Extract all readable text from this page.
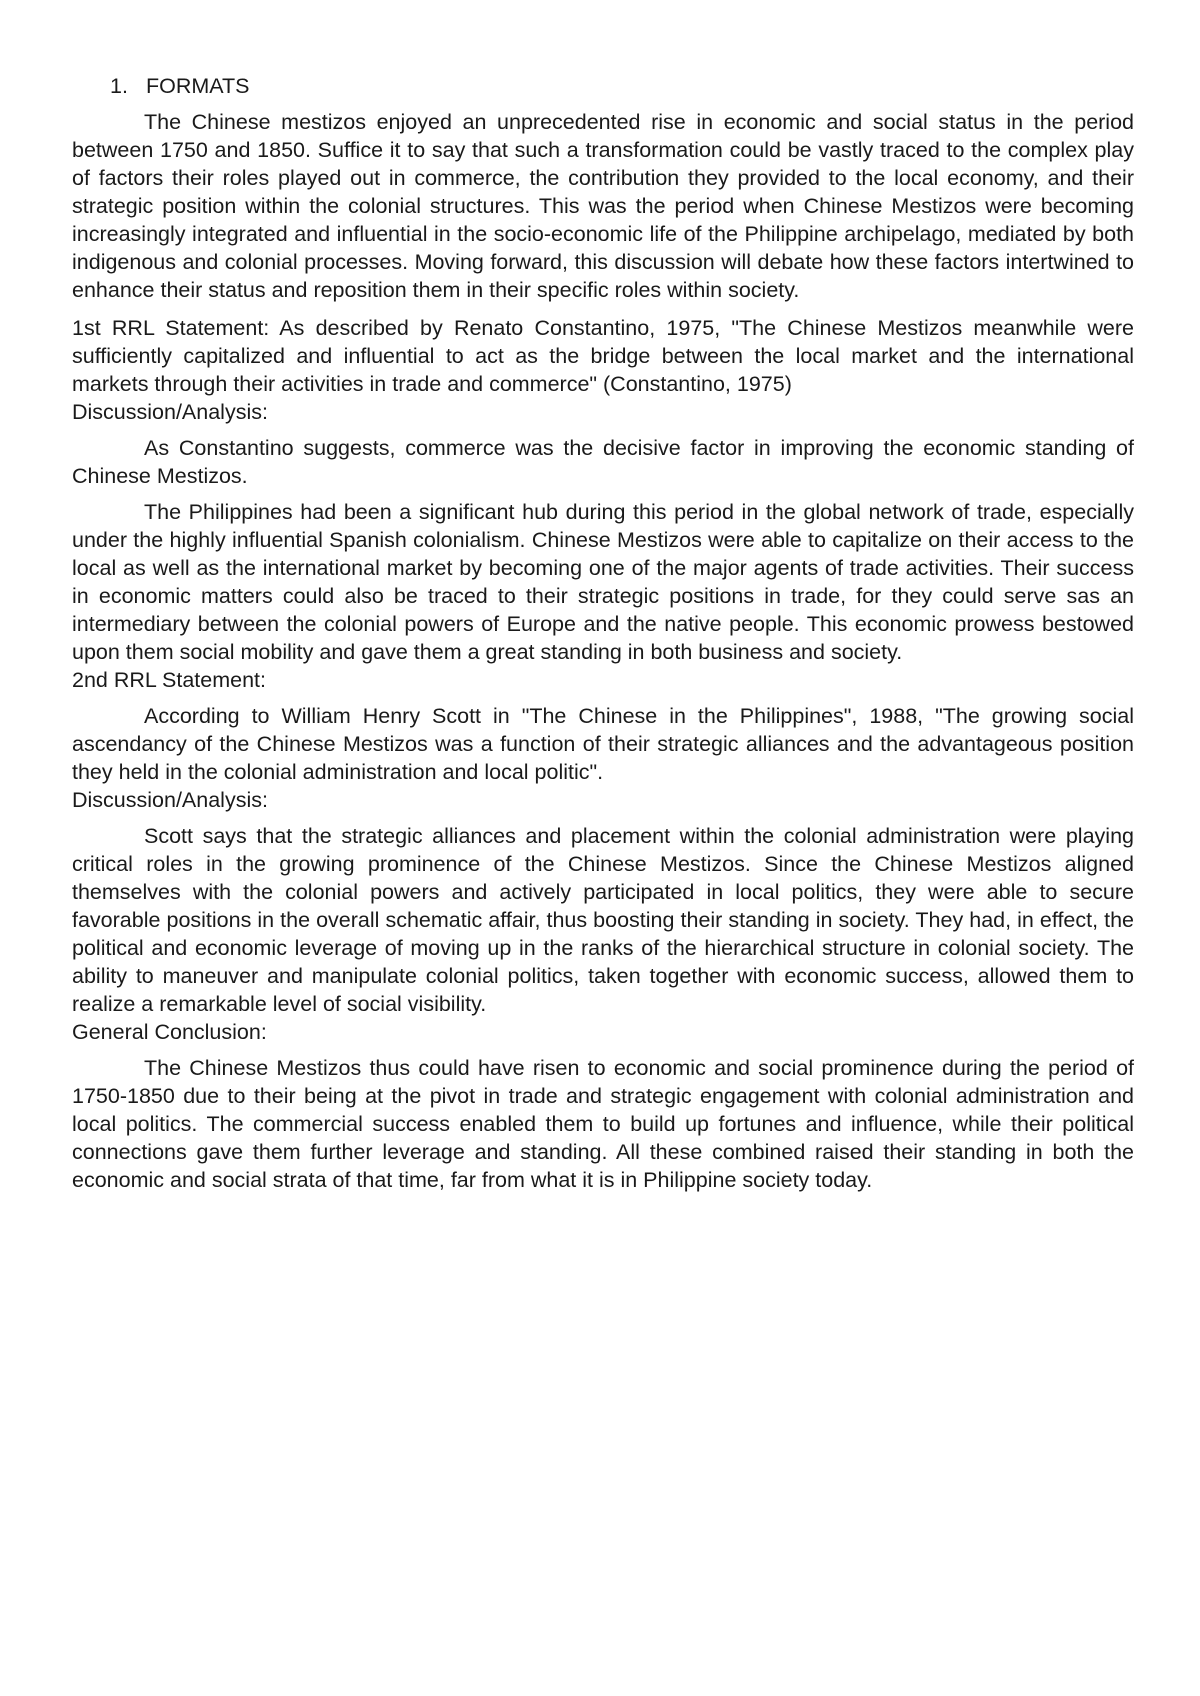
1. FORMATS

The Chinese mestizos enjoyed an unprecedented rise in economic and social status in the period between 1750 and 1850. Suffice it to say that such a transformation could be vastly traced to the complex play of factors their roles played out in commerce, the contribution they provided to the local economy, and their strategic position within the colonial structures. This was the period when Chinese Mestizos were becoming increasingly integrated and influential in the socio-economic life of the Philippine archipelago, mediated by both indigenous and colonial processes. Moving forward, this discussion will debate how these factors intertwined to enhance their status and reposition them in their specific roles within society.

1st RRL Statement: As described by Renato Constantino, 1975, "The Chinese Mestizos meanwhile were sufficiently capitalized and influential to act as the bridge between the local market and the international markets through their activities in trade and commerce" (Constantino, 1975)

Discussion/Analysis:

As Constantino suggests, commerce was the decisive factor in improving the economic standing of Chinese Mestizos.

The Philippines had been a significant hub during this period in the global network of trade, especially under the highly influential Spanish colonialism. Chinese Mestizos were able to capitalize on their access to the local as well as the international market by becoming one of the major agents of trade activities. Their success in economic matters could also be traced to their strategic positions in trade, for they could serve sas an intermediary between the colonial powers of Europe and the native people. This economic prowess bestowed upon them social mobility and gave them a great standing in both business and society.

2nd RRL Statement:

According to William Henry Scott in "The Chinese in the Philippines", 1988, "The growing social ascendancy of the Chinese Mestizos was a function of their strategic alliances and the advantageous position they held in the colonial administration and local politic".

Discussion/Analysis:

Scott says that the strategic alliances and placement within the colonial administration were playing critical roles in the growing prominence of the Chinese Mestizos. Since the Chinese Mestizos aligned themselves with the colonial powers and actively participated in local politics, they were able to secure favorable positions in the overall schematic affair, thus boosting their standing in society. They had, in effect, the political and economic leverage of moving up in the ranks of the hierarchical structure in colonial society. The ability to maneuver and manipulate colonial politics, taken together with economic success, allowed them to realize a remarkable level of social visibility.

General Conclusion:

The Chinese Mestizos thus could have risen to economic and social prominence during the period of 1750-1850 due to their being at the pivot in trade and strategic engagement with colonial administration and local politics. The commercial success enabled them to build up fortunes and influence, while their political connections gave them further leverage and standing. All these combined raised their standing in both the economic and social strata of that time, far from what it is in Philippine society today.
